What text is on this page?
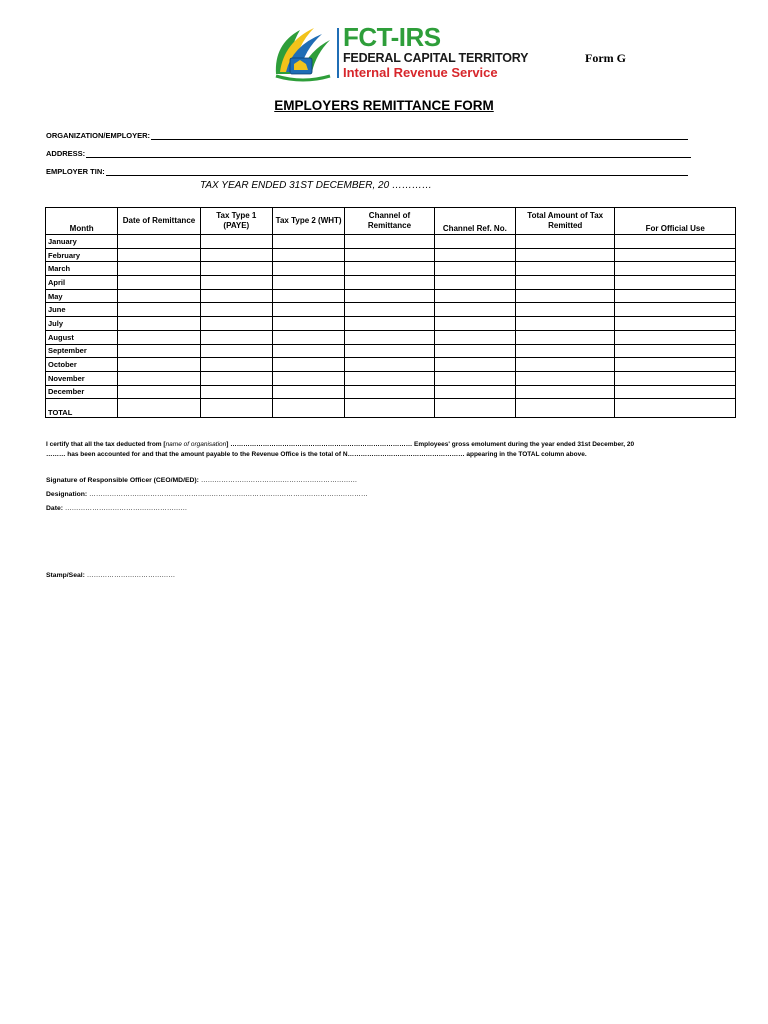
FCT-IRS
FEDERAL CAPITAL TERRITORY
Internal Revenue Service
Form G
EMPLOYERS REMITTANCE FORM
ORGANIZATION/EMPLOYER:
ADDRESS:
EMPLOYER TIN:
TAX YEAR ENDED 31ST DECEMBER, 20 …………
Month	Date of Remittance	Tax Type 1 (PAYE)	Tax Type 2 (WHT)	Channel of Remittance	Channel Ref. No.	Total Amount of Tax Remitted	For Official Use
January							
February							
March							
April							
May							
June							
July							
August							
September							
October							
November							
December							
TOTAL							
I certify that all the tax deducted from [name of organisation] ………………………………………………………………………… Employees' gross emolument during the year ended 31st December, 20
……… has been accounted for and that the amount payable to the Revenue Office is the total of N……………………………………………… appearing in the TOTAL column above.
Signature of Responsible Officer (CEO/MD/ED): ……………………………………………………………
Designation: ……………………………………………………………………………………………………………
Date: ………………………………………………
Stamp/Seal: …………………………………
